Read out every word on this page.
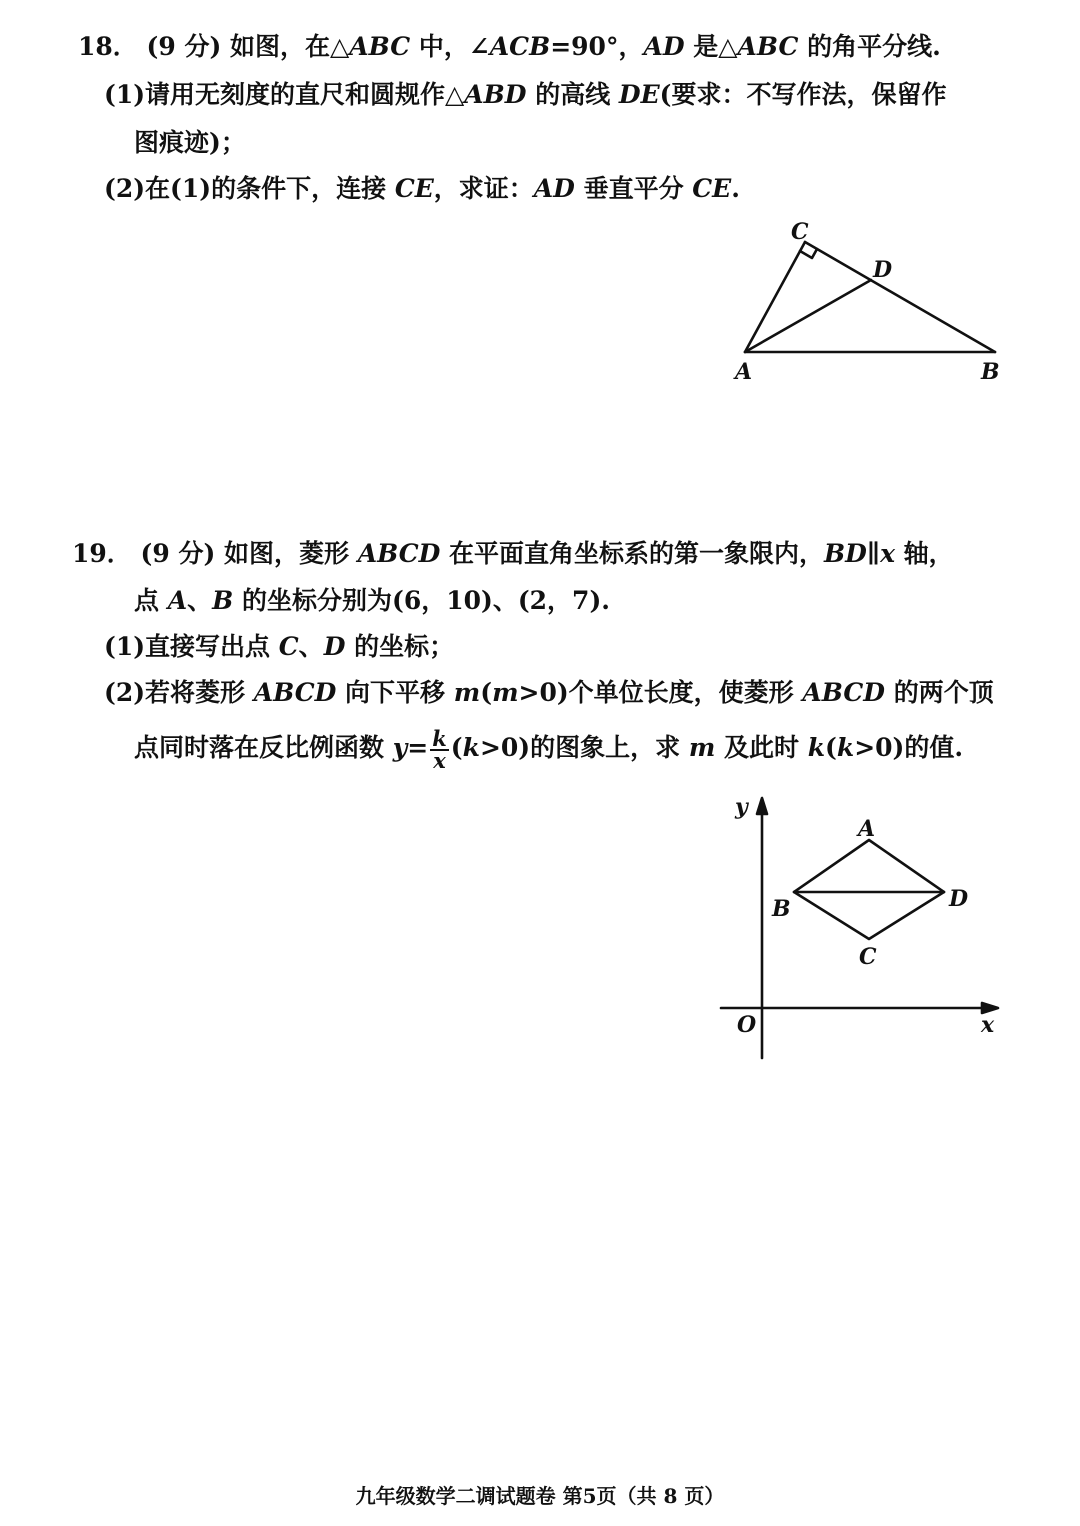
18． (9 分) 如图，在△ABC 中，∠ACB=90°，AD 是△ABC 的角平分线.
(1)请用无刻度的直尺和圆规作△ABD 的高线 DE(要求：不写作法，保留作
图痕迹)；
(2)在(1)的条件下，连接 CE，求证：AD 垂直平分 CE.
C
D
A	B
19． (9 分) 如图，菱形 ABCD 在平面直角坐标系的第一象限内，BD∥x 轴，
点 A、B 的坐标分别为(6，10)、(2，7).
(1)直接写出点 C、D 的坐标；
(2)若将菱形 ABCD 向下平移 m(m>0)个单位长度，使菱形 ABCD 的两个顶
点同时落在反比例函数 $y= \frac{k}{x} (k>0)$的图象上，求 m 及此时 k(k>0)的值.
y
x
O
A
B
C
D
九年级数学二调试题卷 第5页（共 8 页）
